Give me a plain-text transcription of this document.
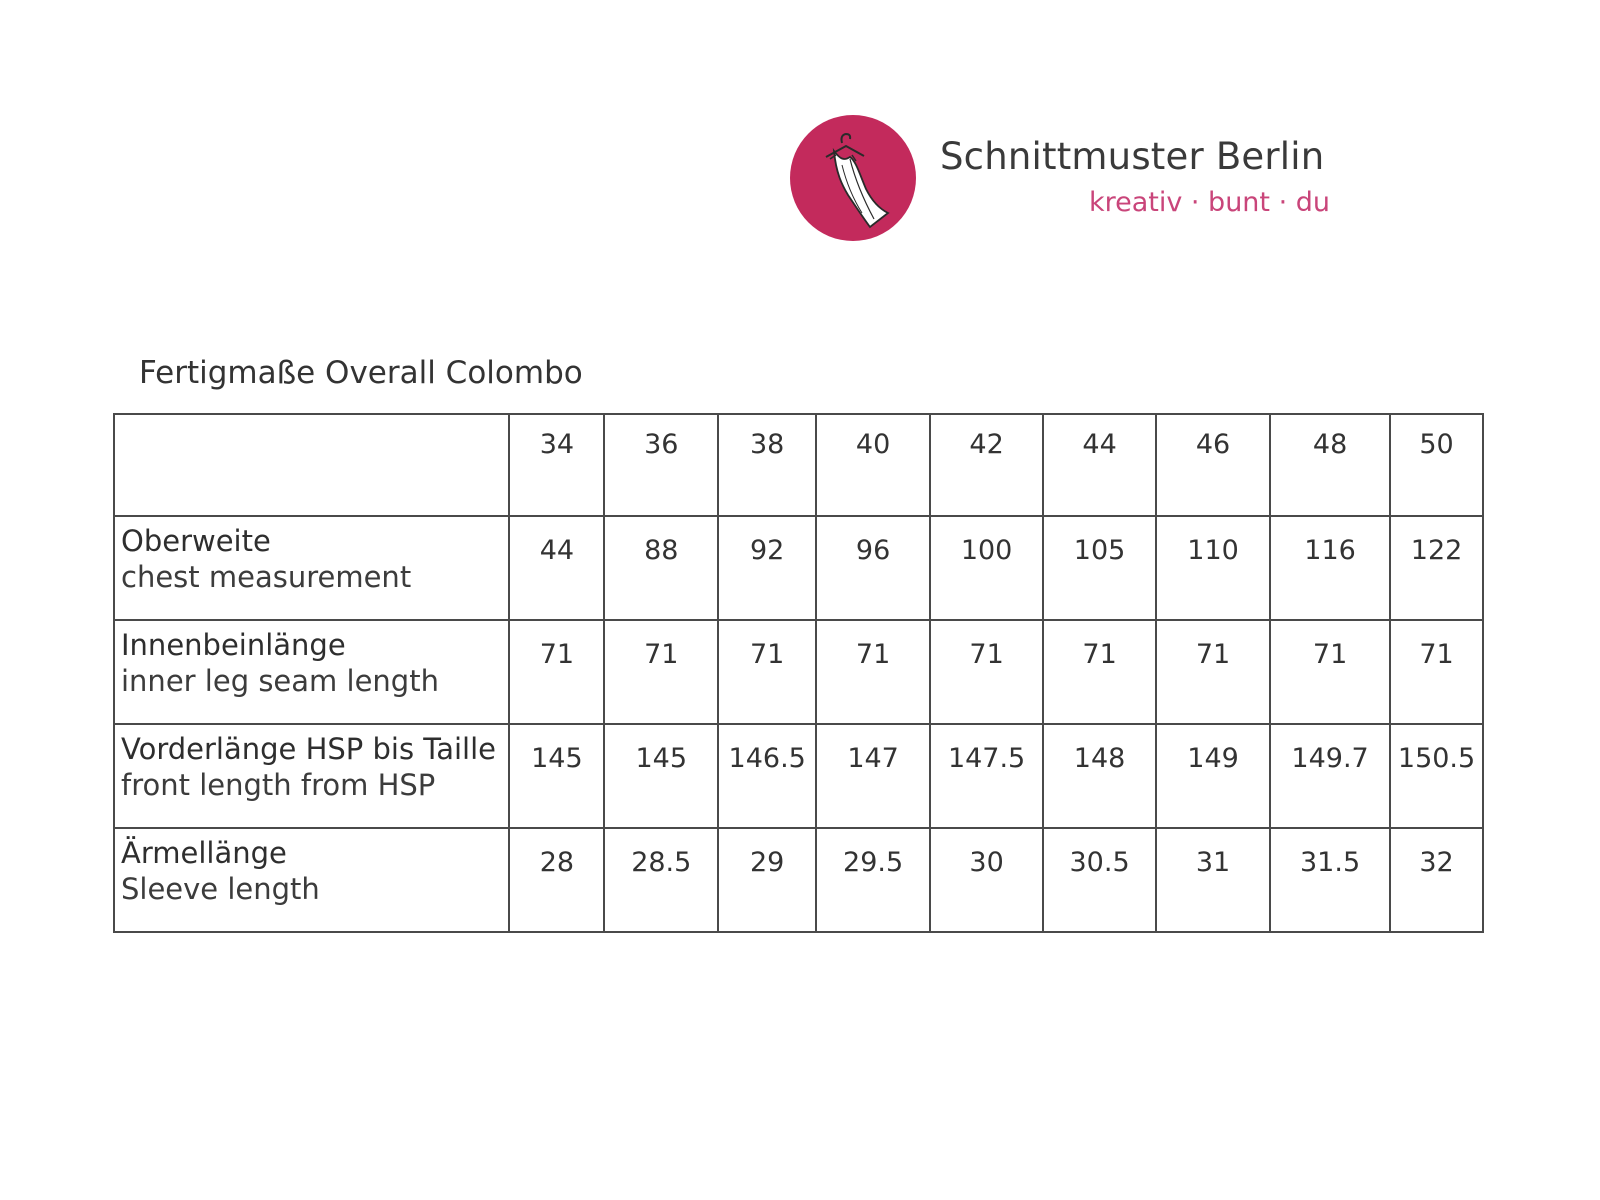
Schnittmuster Berlin
kreativ · bunt · du
Fertigmaße Overall Colombo
	34	36	38	40	42	44	46	48	50

Oberweite
chest measurement	44	88	92	96	100	105	110	116	122

Innenbeinlänge
inner leg seam length	71	71	71	71	71	71	71	71	71

Vorderlänge HSP bis Taille
front length from HSP	145	145	146.5	147	147.5	148	149	149.7	150.5

Ärmellänge
Sleeve length	28	28.5	29	29.5	30	30.5	31	31.5	32
